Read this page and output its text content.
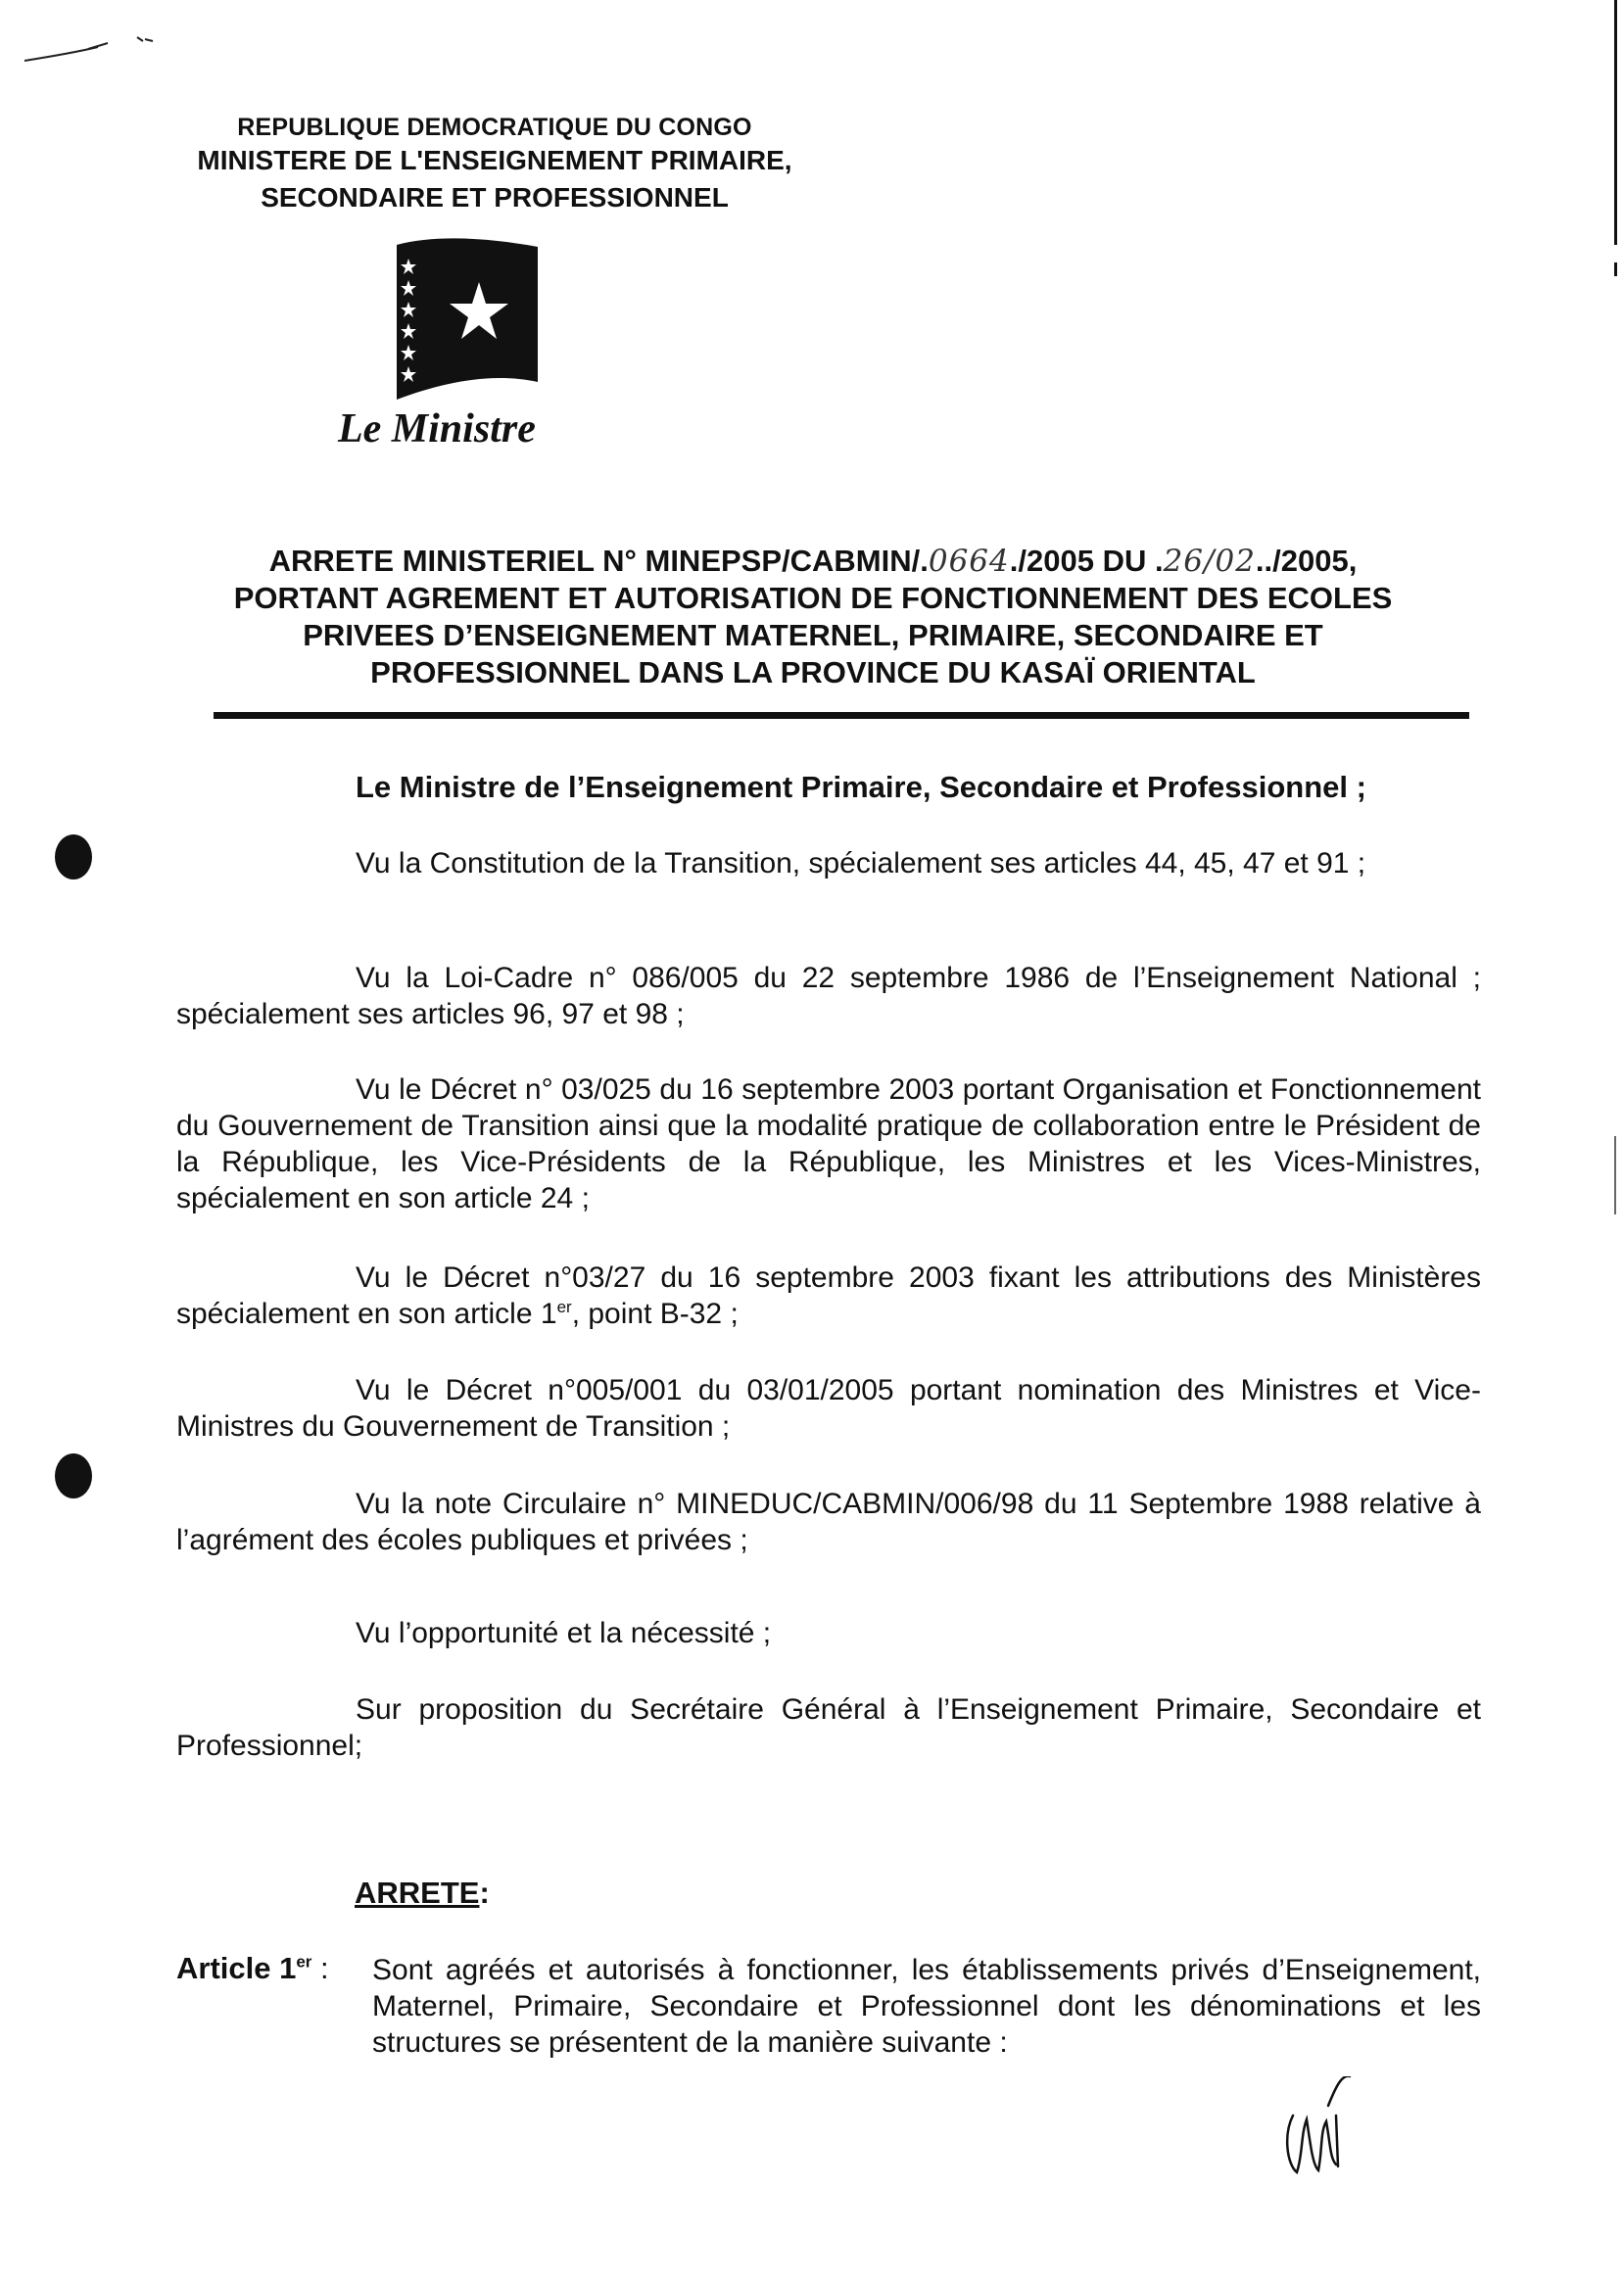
REPUBLIQUE DEMOCRATIQUE DU CONGO
MINISTERE DE L'ENSEIGNEMENT PRIMAIRE,
SECONDAIRE ET PROFESSIONNEL
Le Ministre
ARRETE MINISTERIEL N° MINEPSP/CABMIN/.0664./2005 DU .26/02../2005,
PORTANT AGREMENT ET AUTORISATION DE FONCTIONNEMENT DES ECOLES
PRIVEES D’ENSEIGNEMENT MATERNEL, PRIMAIRE, SECONDAIRE ET
PROFESSIONNEL DANS LA PROVINCE DU KASAÏ ORIENTAL
Le Ministre de l’Enseignement Primaire, Secondaire et Professionnel ;
Vu la Constitution de la Transition, spécialement ses articles 44, 45, 47 et 91 ;
Vu la Loi-Cadre n° 086/005 du 22 septembre 1986 de l’Enseignement National ; spécialement ses articles 96, 97 et 98 ;
Vu le Décret n° 03/025 du 16 septembre 2003 portant Organisation et Fonctionnement du Gouvernement de Transition ainsi que la modalité pratique de collaboration entre le Président de la République, les Vice-Présidents de la République, les Ministres et les Vices-Ministres, spécialement en son article 24 ;
Vu le Décret n°03/27 du 16 septembre 2003 fixant les attributions des Ministères spécialement en son article 1er, point B-32 ;
Vu le Décret n°005/001 du 03/01/2005 portant nomination des Ministres et Vice-Ministres du Gouvernement de Transition ;
Vu la note Circulaire n° MINEDUC/CABMIN/006/98 du 11 Septembre 1988 relative à l’agrément des écoles publiques et privées ;
Vu l’opportunité et la nécessité ;
Sur proposition du Secrétaire Général à l’Enseignement Primaire, Secondaire et Professionnel;
ARRETE:
Article 1er : Sont agréés et autorisés à fonctionner, les établissements privés d’Enseignement, Maternel, Primaire, Secondaire et Professionnel dont les dénominations et les structures se présentent de la manière suivante :
